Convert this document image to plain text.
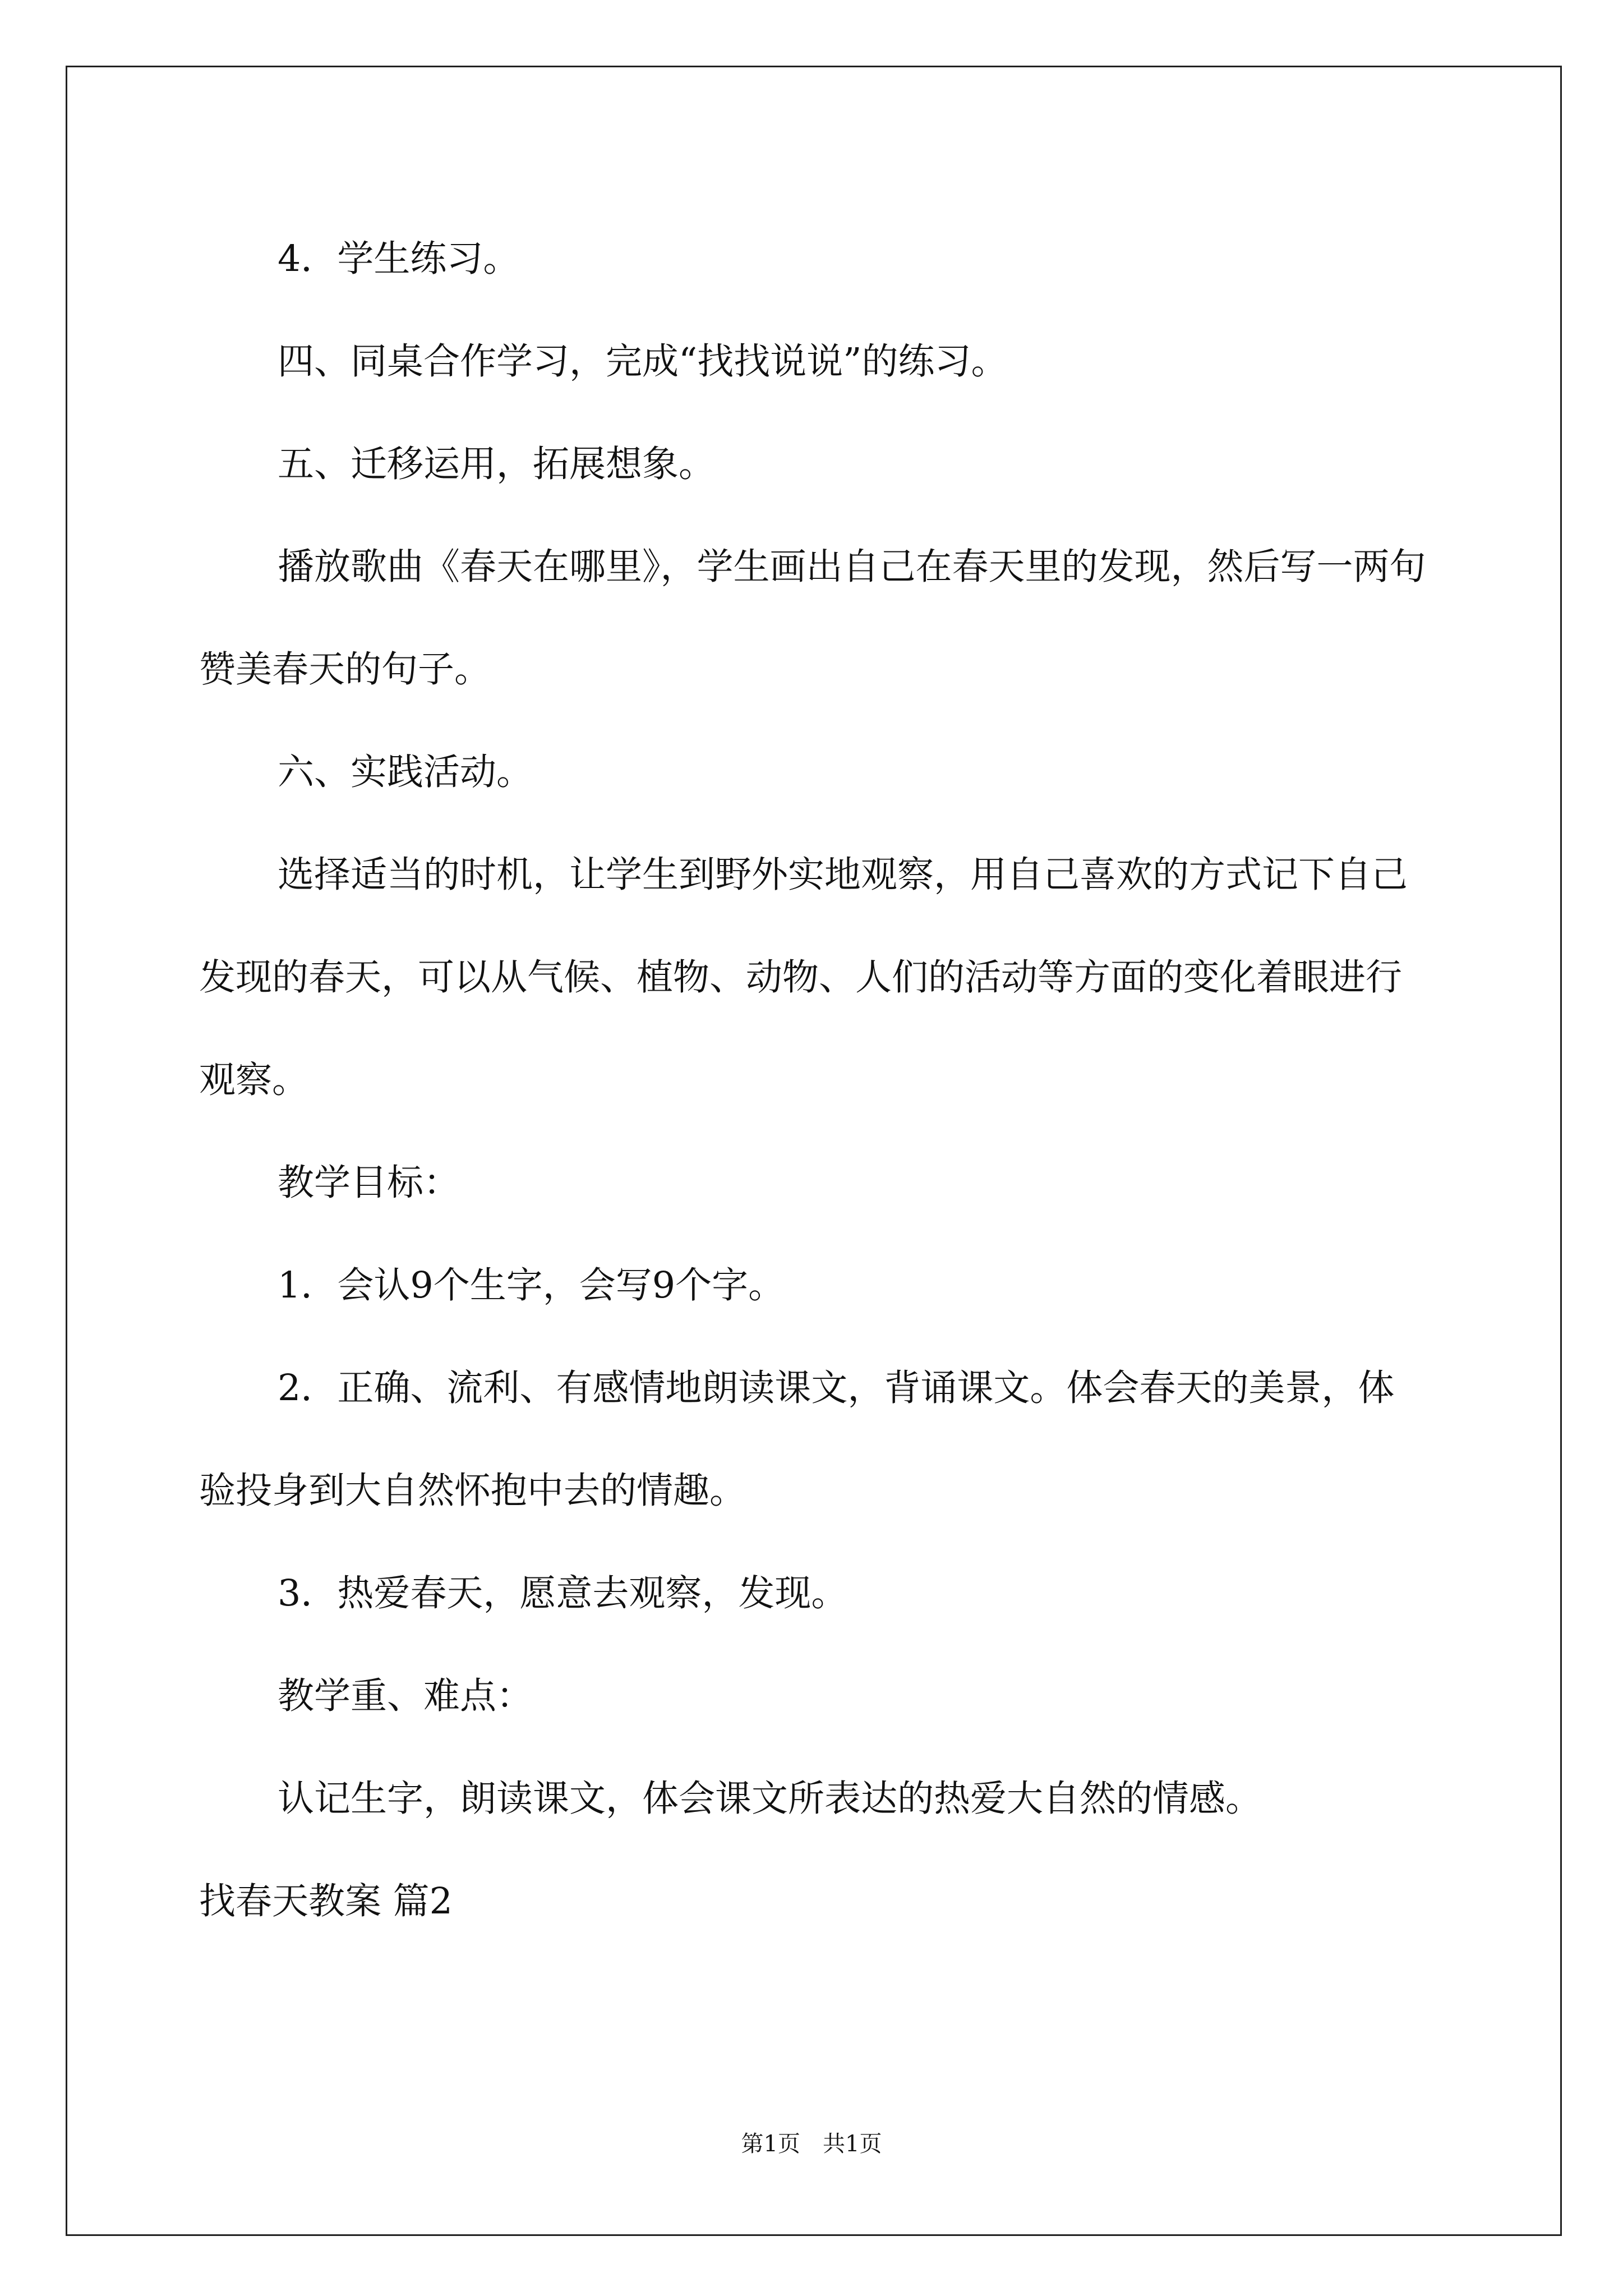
4．学生练习。

四、同桌合作学习，完成“找找说说”的练习。

五、迁移运用，拓展想象。

播放歌曲《春天在哪里》，学生画出自己在春天里的发现，然后写一两句赞美春天的句子。

六、实践活动。

选择适当的时机，让学生到野外实地观察，用自己喜欢的方式记下自己发现的春天，可以从气候、植物、动物、人们的活动等方面的变化着眼进行观察。

教学目标：

1．会认9个生字，会写9个字。

2．正确、流利、有感情地朗读课文，背诵课文。体会春天的美景，体验投身到大自然怀抱中去的情趣。

3．热爱春天，愿意去观察，发现。

教学重、难点：

认记生字，朗读课文，体会课文所表达的热爱大自然的情感。

找春天教案 篇2

第1页 共1页
